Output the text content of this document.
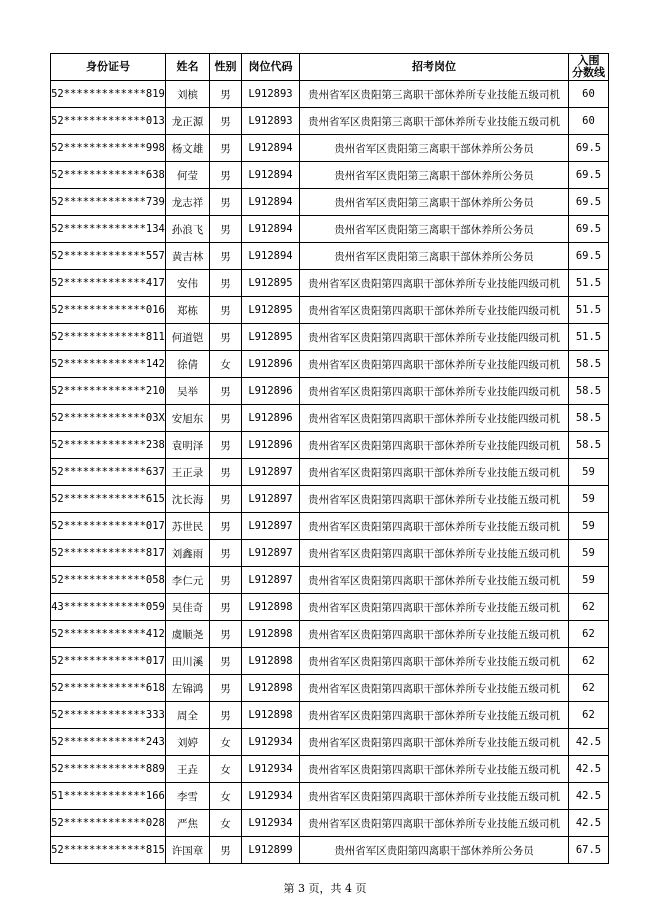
身份证号	姓名	性别	岗位代码	招考岗位	入围
分数线

52*************819	刘槟	男	L912893	贵州省军区贵阳第三离职干部休养所专业技能五级司机	60
52*************013	龙正源	男	L912893	贵州省军区贵阳第三离职干部休养所专业技能五级司机	60
52*************998	杨文雄	男	L912894	贵州省军区贵阳第三离职干部休养所公务员	69.5
52*************638	何莹	男	L912894	贵州省军区贵阳第三离职干部休养所公务员	69.5
52*************739	龙志祥	男	L912894	贵州省军区贵阳第三离职干部休养所公务员	69.5
52*************134	孙浪飞	男	L912894	贵州省军区贵阳第三离职干部休养所公务员	69.5
52*************557	黄吉林	男	L912894	贵州省军区贵阳第三离职干部休养所公务员	69.5
52*************417	安伟	男	L912895	贵州省军区贵阳第四离职干部休养所专业技能四级司机	51.5
52*************016	郑栋	男	L912895	贵州省军区贵阳第四离职干部休养所专业技能四级司机	51.5
52*************811	何道铠	男	L912895	贵州省军区贵阳第四离职干部休养所专业技能四级司机	51.5
52*************142	徐倩	女	L912896	贵州省军区贵阳第四离职干部休养所专业技能四级司机	58.5
52*************210	吴举	男	L912896	贵州省军区贵阳第四离职干部休养所专业技能四级司机	58.5
52*************03X	安旭东	男	L912896	贵州省军区贵阳第四离职干部休养所专业技能四级司机	58.5
52*************238	袁明泽	男	L912896	贵州省军区贵阳第四离职干部休养所专业技能四级司机	58.5
52*************637	王正录	男	L912897	贵州省军区贵阳第四离职干部休养所专业技能五级司机	59
52*************615	沈长海	男	L912897	贵州省军区贵阳第四离职干部休养所专业技能五级司机	59
52*************017	苏世民	男	L912897	贵州省军区贵阳第四离职干部休养所专业技能五级司机	59
52*************817	刘鑫雨	男	L912897	贵州省军区贵阳第四离职干部休养所专业技能五级司机	59
52*************058	李仁元	男	L912897	贵州省军区贵阳第四离职干部休养所专业技能五级司机	59
43*************059	吴佳奇	男	L912898	贵州省军区贵阳第四离职干部休养所专业技能五级司机	62
52*************412	虞顺尧	男	L912898	贵州省军区贵阳第四离职干部休养所专业技能五级司机	62
52*************017	田川溪	男	L912898	贵州省军区贵阳第四离职干部休养所专业技能五级司机	62
52*************618	左锦鸿	男	L912898	贵州省军区贵阳第四离职干部休养所专业技能五级司机	62
52*************333	周全	男	L912898	贵州省军区贵阳第四离职干部休养所专业技能五级司机	62
52*************243	刘婷	女	L912934	贵州省军区贵阳第四离职干部休养所专业技能五级司机	42.5
52*************889	王垚	女	L912934	贵州省军区贵阳第四离职干部休养所专业技能五级司机	42.5
51*************166	李雪	女	L912934	贵州省军区贵阳第四离职干部休养所专业技能五级司机	42.5
52*************028	严焦	女	L912934	贵州省军区贵阳第四离职干部休养所专业技能五级司机	42.5
52*************815	许国章	男	L912899	贵州省军区贵阳第四离职干部休养所公务员	67.5
第 3 页，共 4 页
